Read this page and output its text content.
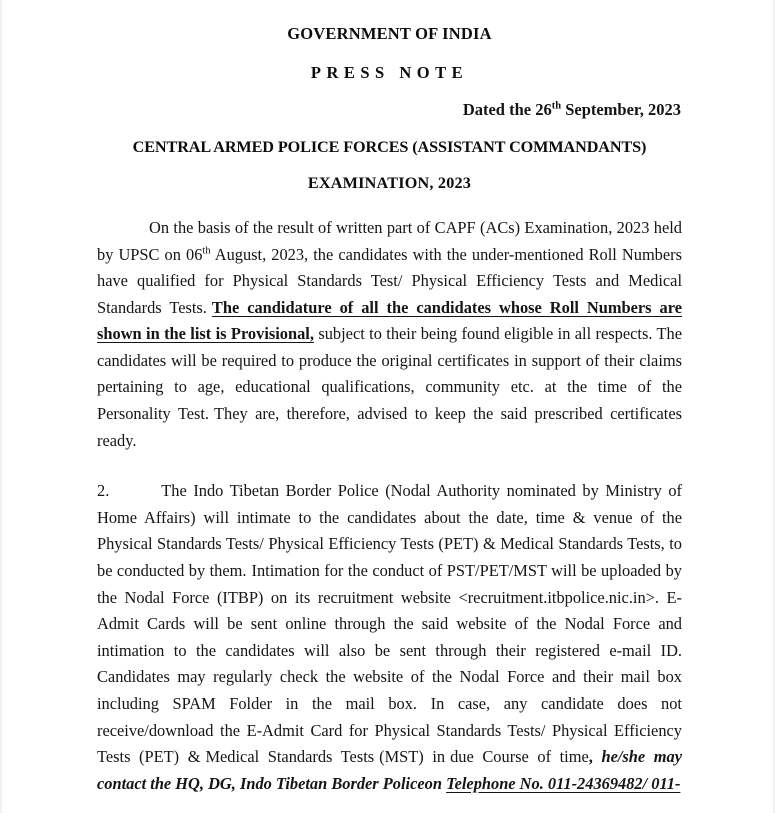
GOVERNMENT OF INDIA
PRESS NOTE
Dated the 26th September, 2023
CENTRAL ARMED POLICE FORCES (ASSISTANT COMMANDANTS)
EXAMINATION, 2023

On the basis of the result of written part of CAPF (ACs) Examination, 2023 held by UPSC on 06th August, 2023, the candidates with the under-mentioned Roll Numbers have qualified for Physical Standards Test/ Physical Efficiency Tests and Medical Standards Tests. The candidature of all the candidates whose Roll Numbers are shown in the list is Provisional, subject to their being found eligible in all respects. The candidates will be required to produce the original certificates in support of their claims pertaining to age, educational qualifications, community etc. at the time of the Personality Test. They are, therefore, advised to keep the said prescribed certificates ready.

2.	The Indo Tibetan Border Police (Nodal Authority nominated by Ministry of Home Affairs) will intimate to the candidates about the date, time & venue of the Physical Standards Tests/ Physical Efficiency Tests (PET) & Medical Standards Tests, to be conducted by them. Intimation for the conduct of PST/PET/MST will be uploaded by the Nodal Force (ITBP) on its recruitment website <recruitment.itbpolice.nic.in>. E-Admit Cards will be sent online through the said website of the Nodal Force and intimation to the candidates will also be sent through their registered e-mail ID. Candidates may regularly check the website of the Nodal Force and their mail box including SPAM Folder in the mail box. In case, any candidate does not receive/download the E-Admit Card for Physical Standards Tests/ Physical Efficiency Tests (PET) & Medical Standards Tests (MST) in due Course of time, he/she may contact the HQ, DG, Indo Tibetan Border Policeon Telephone No. 011-24369482/ 011-
